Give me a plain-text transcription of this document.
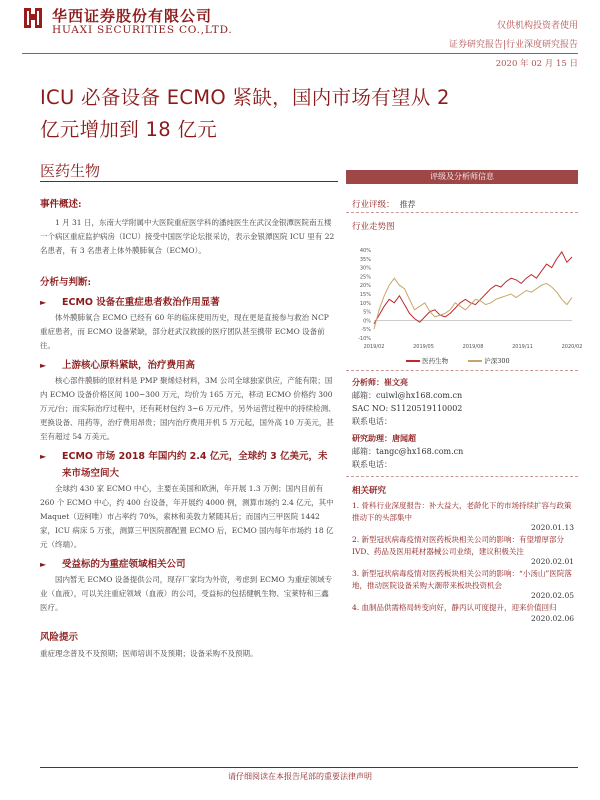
华西证券股份有限公司
HUAXI SECURITIES CO.,LTD.	仅供机构投资者使用
证券研究报告|行业深度研究报告
2020 年 02 月 15 日
ICU 必备设备 ECMO 紧缺，国内市场有望从 2
亿元增加到 18 亿元
医药生物
事件概述:
1 月 31 日，东南大学附属中大医院重症医学科的潘纯医生在武汉金银潭医院南五楼一个病区重症监护病房（ICU）接受中国医学论坛报采访，表示金银潭医院 ICU 里有 22 名患者，有 3 名患者上体外膜肺氧合（ECMO）。
分析与判断:
► ECMO 设备在重症患者救治作用显著
体外膜肺氧合 ECMO 已经有 60 年的临床使用历史，现在更是直接参与救治 NCP 重症患者，而 ECMO 设备紧缺，部分赶武汉救援的医疗团队甚至携带 ECMO 设备前往。
► 上游核心原料紧缺，治疗费用高
核心部件膜肺的原材料是 PMP 聚烯烃材料，3M 公司全球独家供应，产能有限；国内 ECMO 设备价格区间 100~300 万元，均价为 165 万元，移动 ECMO 价格约 300 万元/台；而实际治疗过程中，还有耗材包约 3~6 万元/件，另外运营过程中的持续检测、更换设备、用药等，治疗费用昂贵；国内治疗费用开机 5 万元起，国外高 10 万美元，甚至有超过 54 万美元。
► ECMO 市场 2018 年国内约 2.4 亿元，全球约 3 亿美元，未来市场空间大
全球约 430 家 ECMO 中心，主要在美国和欧洲，年开展 1.3 万例；国内目前有 260 个 ECMO 中心，约 400 台设备，年开展约 4000 例，测算市场约 2.4 亿元，其中 Maquet（迈柯唯）市占率约 70%，索林和美敦力紧随其后；而国内三甲医院 1442 家，ICU 病床 5 万张，测算三甲医院都配置 ECMO 后，ECMO 国内每年市场约 18 亿元（终端）。
► 受益标的为重症领域相关公司
国内暂无 ECMO 设备提供公司，现存厂家均为外资，考虑到 ECMO 为重症领域专业（血液），可以关注重症领域（血液）的公司，受益标的包括健帆生物、宝莱特和三鑫医疗。
风险提示
重症理念普及不及预期；医师培训不及预期；设备采购不及预期。
评级及分析师信息
行业评级： 推荐
行业走势图
-10%
-5%
0%
5%
10%
15%
20%
25%
30%
35%
40%
2019/02	2019/05	2019/08	2019/11	2020/02
医药生物	沪深300
分析师：崔文亮
邮箱：cuiwl@hx168.com.cn
SAC NO: S1120519110002
联系电话：
研究助理：唐闻超
邮箱：tangc@hx168.com.cn
联系电话：
相关研究
1. 骨科行业深度报告：补大益大，老龄化下的市场持续扩容与政策推动下的头部集中
2020.01.13
2. 新型冠状病毒疫情对医药板块相关公司的影响：有望增厚部分 IVD、药品及医用耗材器械公司业绩，建议积极关注
2020.02.01
3. 新型冠状病毒疫情对医药板块相关公司的影响：“小汤山”医院落地，推动医院设备采购大潮带来板块投资机会
2020.02.05
4. 血制品供需格局转变向好，静丙认可度提升，迎来价值回归
2020.02.06
请仔细阅读在本报告尾部的重要法律声明
